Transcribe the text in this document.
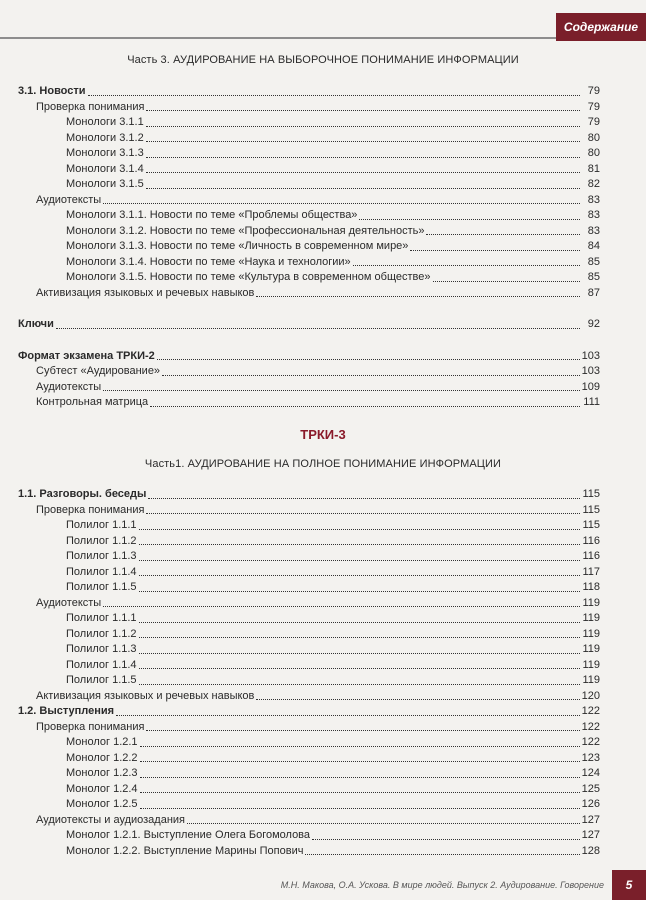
Содержание
Часть 3. АУДИРОВАНИЕ НА ВЫБОРОЧНОЕ ПОНИМАНИЕ ИНФОРМАЦИИ
3.1. Новости	79
Проверка понимания	79
Монологи 3.1.1	79
Монологи 3.1.2	80
Монологи 3.1.3	80
Монологи 3.1.4	81
Монологи 3.1.5	82
Аудиотексты	83
Монологи 3.1.1. Новости по теме «Проблемы общества»	83
Монологи 3.1.2. Новости по теме «Профессиональная деятельность»	83
Монологи 3.1.3. Новости по теме «Личность в современном мире»	84
Монологи 3.1.4. Новости по теме «Наука и технологии»	85
Монологи 3.1.5. Новости по теме «Культура в современном обществе»	85
Активизация языковых и речевых навыков	87
Ключи	92
Формат экзамена ТРКИ-2	103
Субтест «Аудирование»	103
Аудиотексты	109
Контрольная матрица	111
ТРКИ-3
Часть1. АУДИРОВАНИЕ НА ПОЛНОЕ ПОНИМАНИЕ ИНФОРМАЦИИ
1.1. Разговоры. беседы	115
Проверка понимания	115
Полилог 1.1.1	115
Полилог 1.1.2	116
Полилог 1.1.3	116
Полилог 1.1.4	117
Полилог 1.1.5	118
Аудиотексты	119
Полилог 1.1.1	119
Полилог 1.1.2	119
Полилог 1.1.3	119
Полилог 1.1.4	119
Полилог 1.1.5	119
Активизация языковых и речевых навыков	120
1.2. Выступления	122
Проверка понимания	122
Монолог 1.2.1	122
Монолог 1.2.2	123
Монолог 1.2.3	124
Монолог 1.2.4	125
Монолог 1.2.5	126
Аудиотексты и аудиозадания	127
Монолог 1.2.1. Выступление Олега Богомолова	127
Монолог 1.2.2. Выступление Марины Попович	128
М.Н. Макова, О.А. Ускова. В мире людей. Выпуск 2. Аудирование. Говорение	5
